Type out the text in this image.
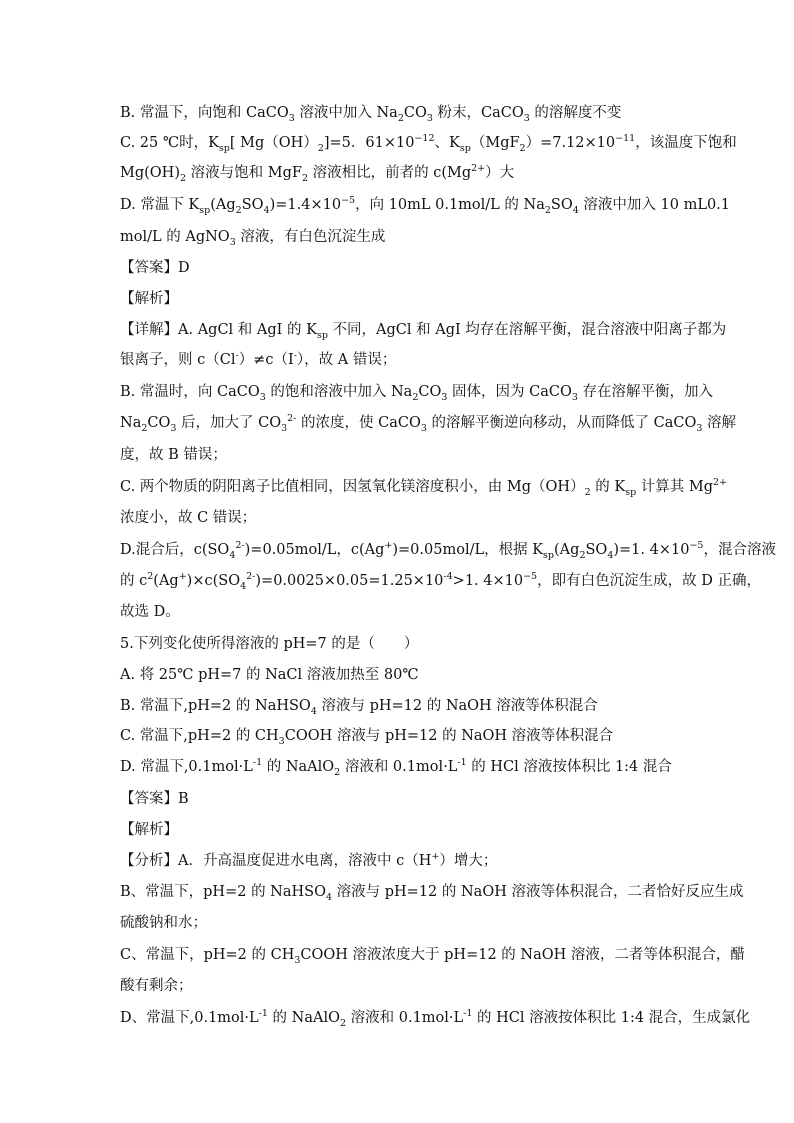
B. 常温下，向饱和 CaCO$_3$ 溶液中加入 $Na_2CO_3$ 粉末，CaCO$_3$ 的溶解度不变
C. 25 ℃时，$K_{sp}$[ $Mg(OH)_2]=5$．$61\times 10^{-12}$、$K_{sp}(MgF_2)=7.12\times 10^{-11}$，该温度下饱和
$Mg(OH)_2$ 溶液与饱和 MgF$_2$ 溶液相比，前者的 $c(Mg^{2+})$大
D. 常温下 $K_{sp}(Ag_2SO_4)=1.4\times 10^{-5}$，向 10mL 0.1mol/L 的 $Na_2SO_4$ 溶液中加入 10 mL0.1
mol/L 的 AgNO$_3$ 溶液，有白色沉淀生成
【答案】D
【解析】
【详解】A. AgCl 和 AgI 的 $K_{sp}$ 不同，AgCl 和 AgI 均存在溶解平衡，混合溶液中阳离子都为
银离子，则 c（Cl-）≠c（I-），故 A 错误；
B. 常温时，向 CaCO$_3$ 的饱和溶液中加入 $Na_2CO_3$ 固体，因为 CaCO$_3$ 存在溶解平衡，加入
$Na_2CO_3$ 后，加大了 $CO_3^{2-}$ 的浓度，使 CaCO$_3$ 的溶解平衡逆向移动，从而降低了 CaCO$_3$ 溶解
度，故 B 错误；
C. 两个物质的阴阳离子比值相同，因氢氧化镁溶度积小，由 $Mg(OH)_2$ 的 $K_{sp}$ 计算其 $Mg^{2+}$
浓度小，故 C 错误；
D.混合后，$c(SO_4^{2-})=0.05mol/L$，c(Ag+)=0.05mol/L，根据 $K_{sp}(Ag_2SO_4)=1$. $4\times 10^{-5}$，混合溶液
的 $c^2(Ag^+)\times c(SO_4^{2-})=0.0025\times 0.05=1.25\times 10^{-4}>1$. $4\times 10^{-5}$，即有白色沉淀生成，故 D 正确，
故选 D。
5.下列变化使所得溶液的 pH=7 的是（　　）
A. 将 25℃ pH=7 的 NaCl 溶液加热至 80℃
B. 常温下,pH=2 的 NaHSO$_4$ 溶液与 pH=12 的 NaOH 溶液等体积混合
C. 常温下,pH=2 的 $CH_3COOH$ 溶液与 pH=12 的 NaOH 溶液等体积混合
D. 常温下$,0.1mol\cdot L^{-1}$ 的 NaAlO$_2$ 溶液和 $0.1mol\cdot L^{-1}$ 的 HCl 溶液按体积比 1:4 混合
【答案】B
【解析】
【分析】A．升高温度促进水电离，溶液中 c（H+）增大；
B、常温下，pH=2 的 NaHSO$_4$ 溶液与 pH=12 的 NaOH 溶液等体积混合，二者恰好反应生成
硫酸钠和水；
C、常温下，pH=2 的 $CH_3COOH$ 溶液浓度大于 pH=12 的 NaOH 溶液，二者等体积混合，醋
酸有剩余；
D、常温下$,0.1mol\cdot L^{-1}$ 的 NaAlO$_2$ 溶液和 $0.1mol\cdot L^{-1}$ 的 HCl 溶液按体积比 1:4 混合，生成氯化
